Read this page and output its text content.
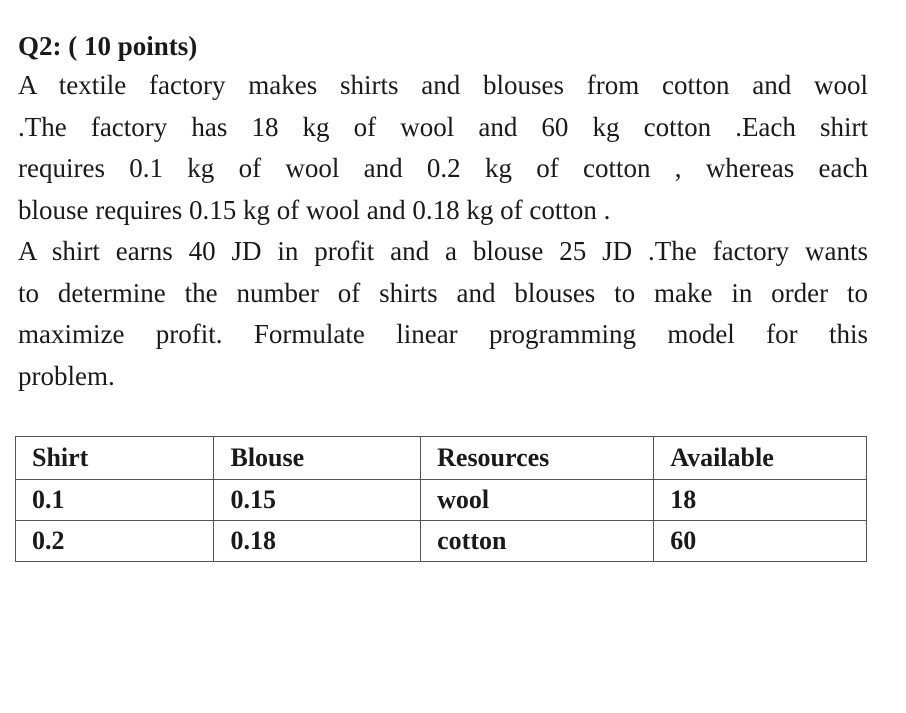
Q2: ( 10 points)

A textile factory makes shirts and blouses from cotton and wool
.The factory has 18 kg of wool and 60 kg cotton .Each shirt
requires 0.1 kg of wool and 0.2 kg of cotton , whereas each
blouse requires 0.15 kg of wool and 0.18 kg of cotton .

A shirt earns 40 JD in profit and a blouse 25 JD .The factory wants
to determine the number of shirts and blouses to make in order to
maximize profit. Formulate linear programming model for this
problem.

Shirt	Blouse	Resources	Available
0.1	0.15	wool	18
0.2	0.18	cotton	60
